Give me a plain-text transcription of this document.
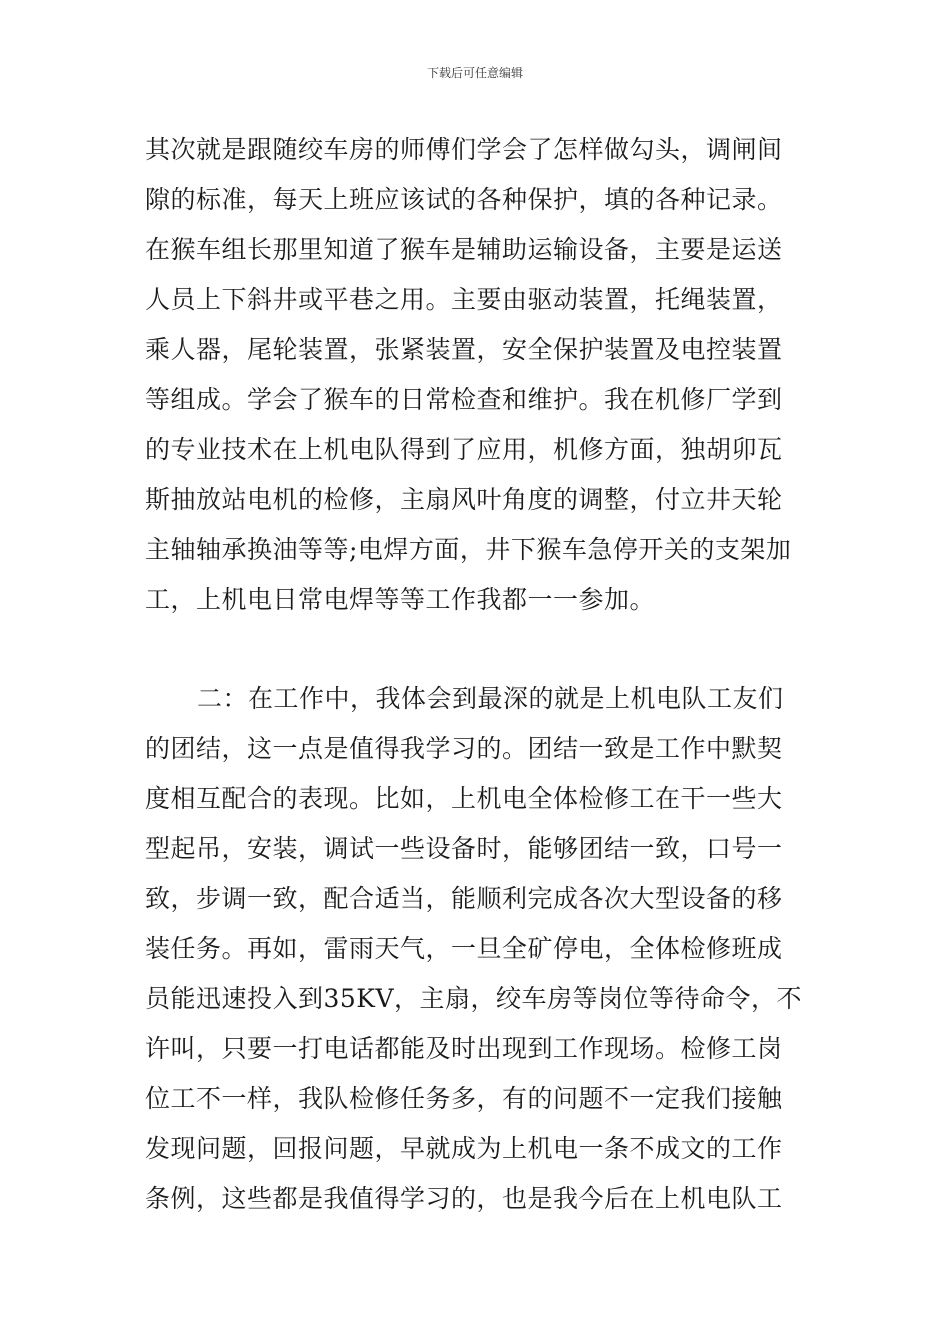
下载后可任意编辑
其次就是跟随绞车房的师傅们学会了怎样做勾头，调闸间
隙的标准，每天上班应该试的各种保护，填的各种记录。
在猴车组长那里知道了猴车是辅助运输设备，主要是运送
人员上下斜井或平巷之用。主要由驱动装置，托绳装置，
乘人器，尾轮装置，张紧装置，安全保护装置及电控装置
等组成。学会了猴车的日常检查和维护。我在机修厂学到
的专业技术在上机电队得到了应用，机修方面，独胡卯瓦
斯抽放站电机的检修，主扇风叶角度的调整，付立井天轮
主轴轴承换油等等;电焊方面，井下猴车急停开关的支架加
工，上机电日常电焊等等工作我都一一参加。
二：在工作中，我体会到最深的就是上机电队工友们
的团结，这一点是值得我学习的。团结一致是工作中默契
度相互配合的表现。比如，上机电全体检修工在干一些大
型起吊，安装，调试一些设备时，能够团结一致，口号一
致，步调一致，配合适当，能顺利完成各次大型设备的移
装任务。再如，雷雨天气，一旦全矿停电，全体检修班成
员能迅速投入到35KV，主扇，绞车房等岗位等待命令，不
许叫，只要一打电话都能及时出现到工作现场。检修工岗
位工不一样，我队检修任务多，有的问题不一定我们接触
发现问题，回报问题，早就成为上机电一条不成文的工作
条例，这些都是我值得学习的，也是我今后在上机电队工
